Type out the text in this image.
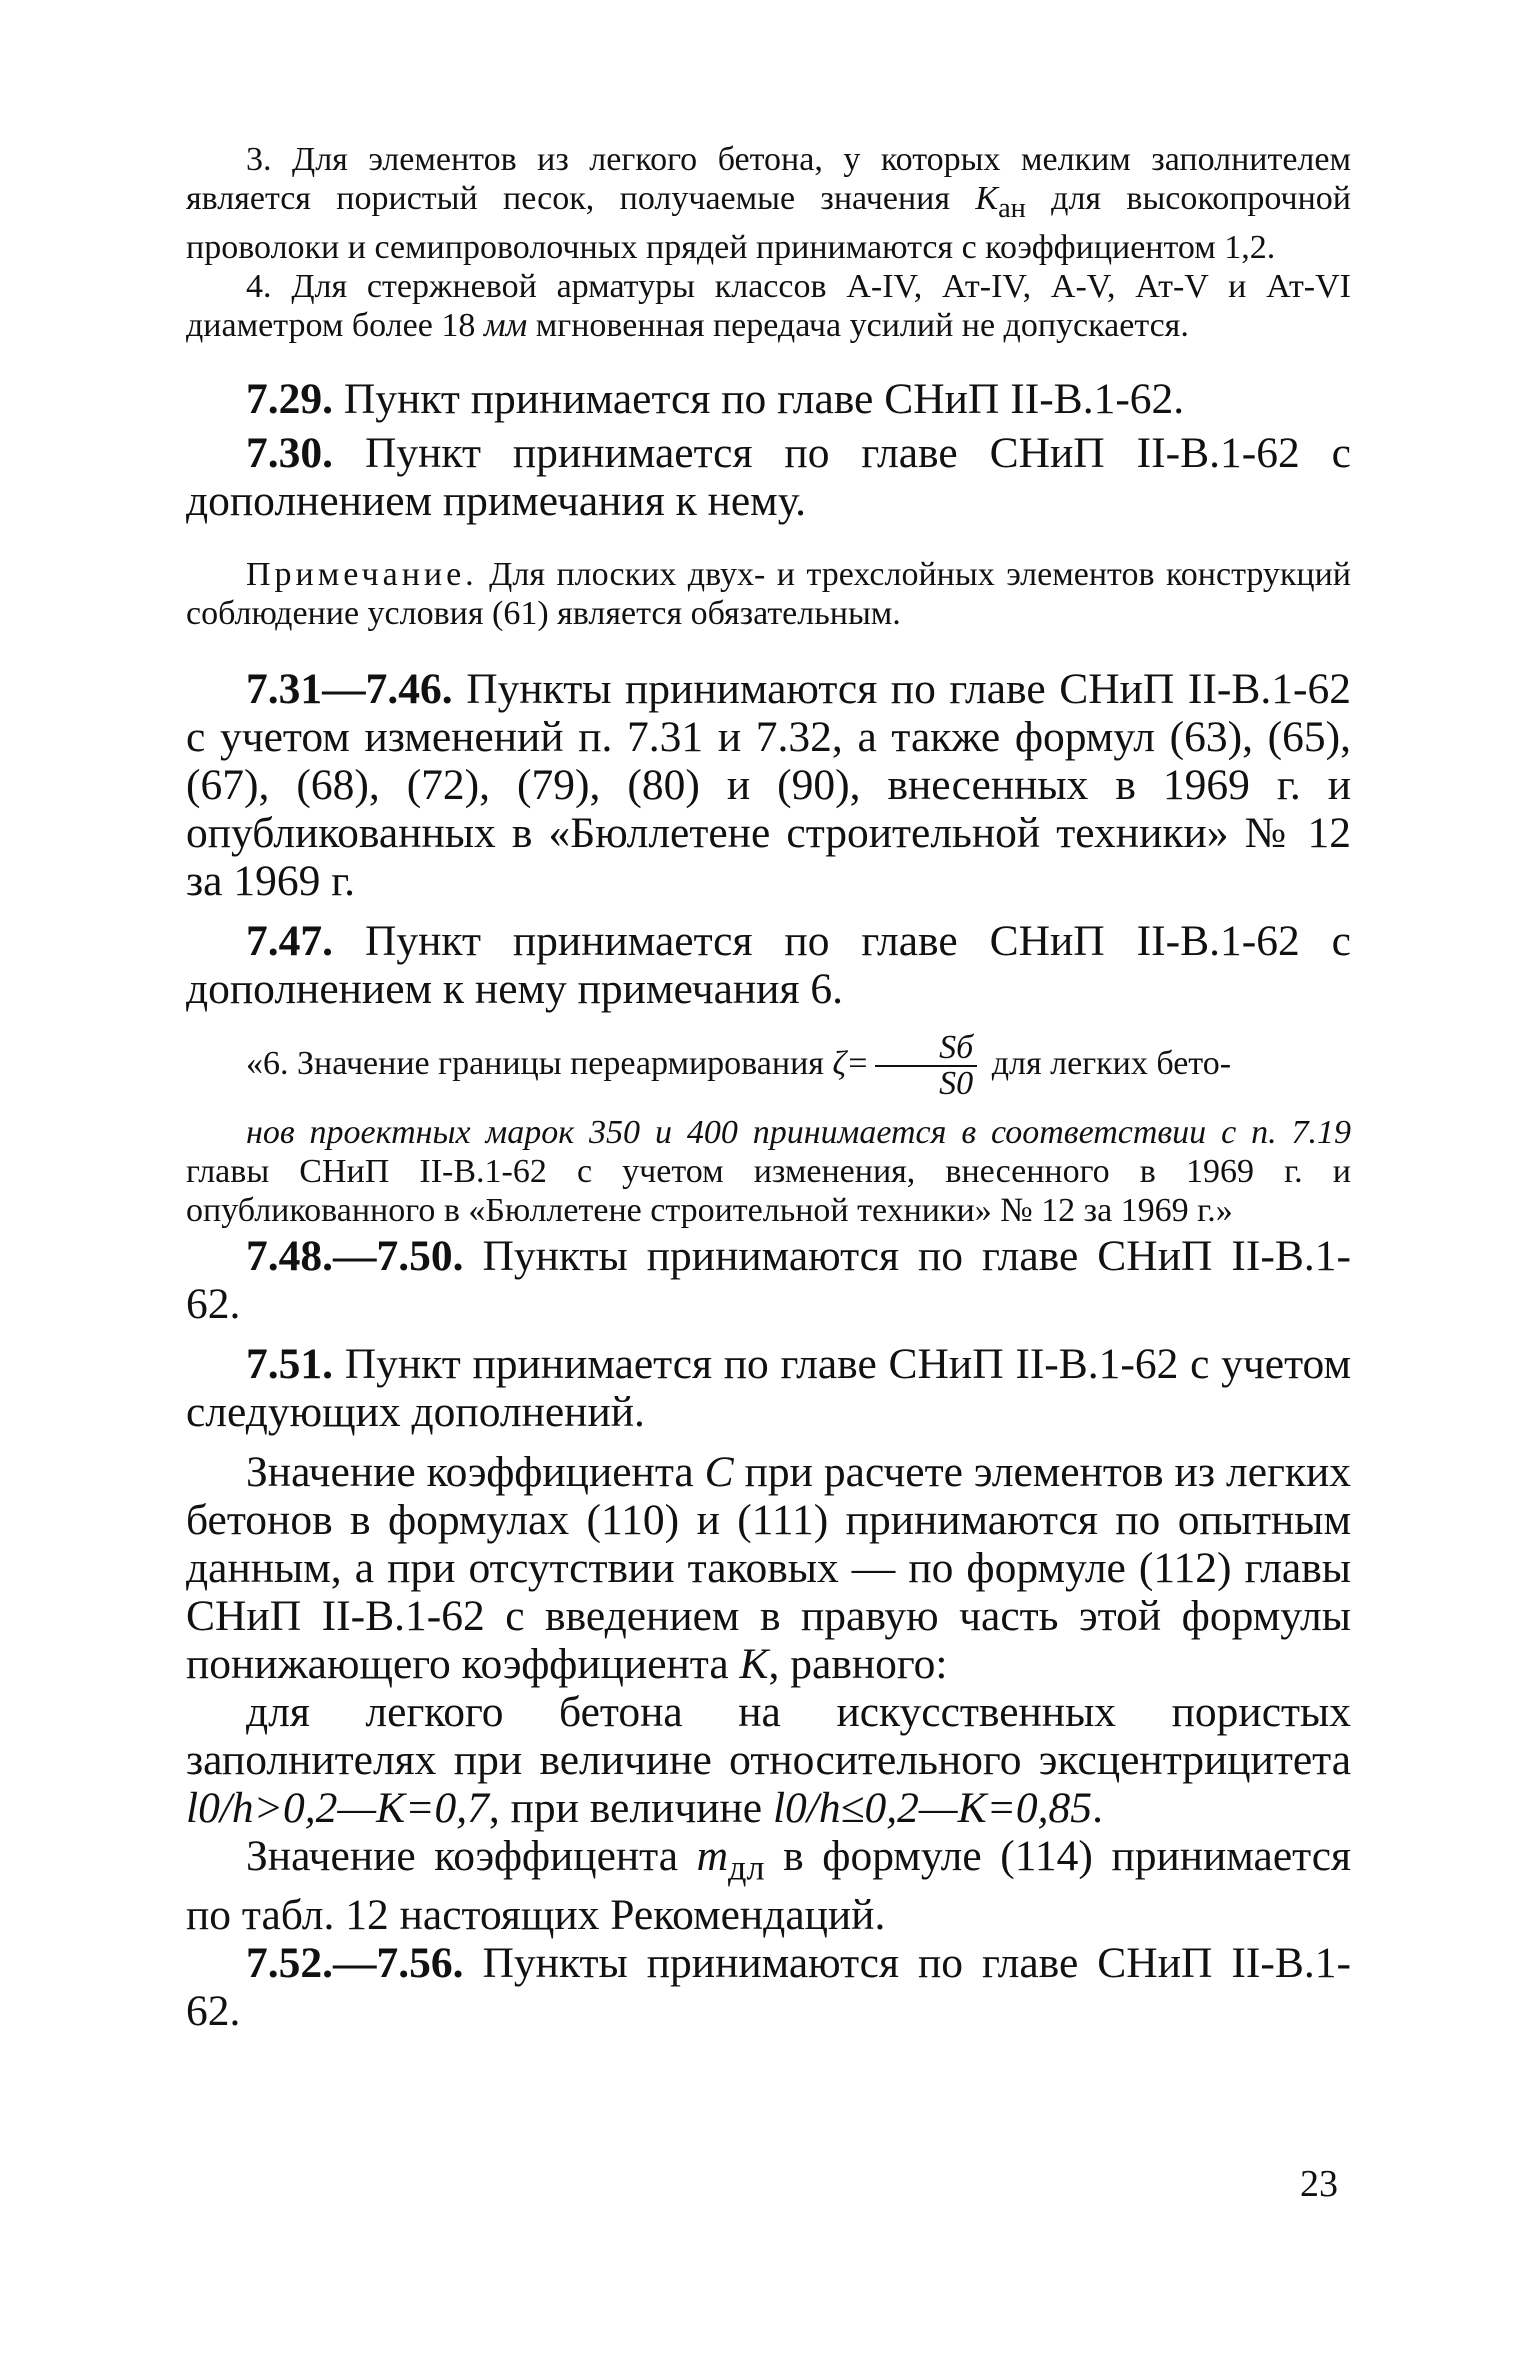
3. Для элементов из легкого бетона, у которых мелким заполнителем является пористый песок, получаемые значения $K_{ан}$ для высокопрочной проволоки и семипроволочных прядей принимаются с коэффициентом 1,2.

4. Для стержневой арматуры классов А-IV, Ат-IV, А-V, Ат-V и Ат-VI диаметром более 18 мм мгновенная передача усилий не допускается.

7.29. Пункт принимается по главе СНиП II-В.1-62.

7.30. Пункт принимается по главе СНиП II-В.1-62 с дополнением примечания к нему.

Примечание. Для плоских двух- и трехслойных элементов конструкций соблюдение условия (61) является обязательным.

7.31—7.46. Пункты принимаются по главе СНиП II-В.1-62 с учетом изменений п. 7.31 и 7.32, а также формул (63), (65), (67), (68), (72), (79), (80) и (90), внесенных в 1969 г. и опубликованных в «Бюллетене строительной техники» № 12 за 1969 г.

7.47. Пункт принимается по главе СНиП II-В.1-62 с дополнением к нему примечания 6.

«6. Значение границы переармирования $\zeta= \frac{Sб}{S0}$ для легких бето-

нов проектных марок 350 и 400 принимается в соответствии с п. 7.19 главы СНиП II-В.1-62 с учетом изменения, внесенного в 1969 г. и опубликованного в «Бюллетене строительной техники» № 12 за 1969 г.»

7.48.—7.50. Пункты принимаются по главе СНиП II-В.1-62.

7.51. Пункт принимается по главе СНиП II-В.1-62 с учетом следующих дополнений.

Значение коэффициента C при расчете элементов из легких бетонов в формулах (110) и (111) принимаются по опытным данным, а при отсутствии таковых — по формуле (112) главы СНиП II-В.1-62 с введением в правую часть этой формулы понижающего коэффициента K, равного:

для легкого бетона на искусственных пористых заполнителях при величине относительного эксцентрицитета l0/h>0,2—K=0,7, при величине l0/h≤0,2—K=0,85.

Значение коэффицента $m_{дл}$ в формуле (114) принимается по табл. 12 настоящих Рекомендаций.

7.52.—7.56. Пункты принимаются по главе СНиП II-В.1-62.

23
